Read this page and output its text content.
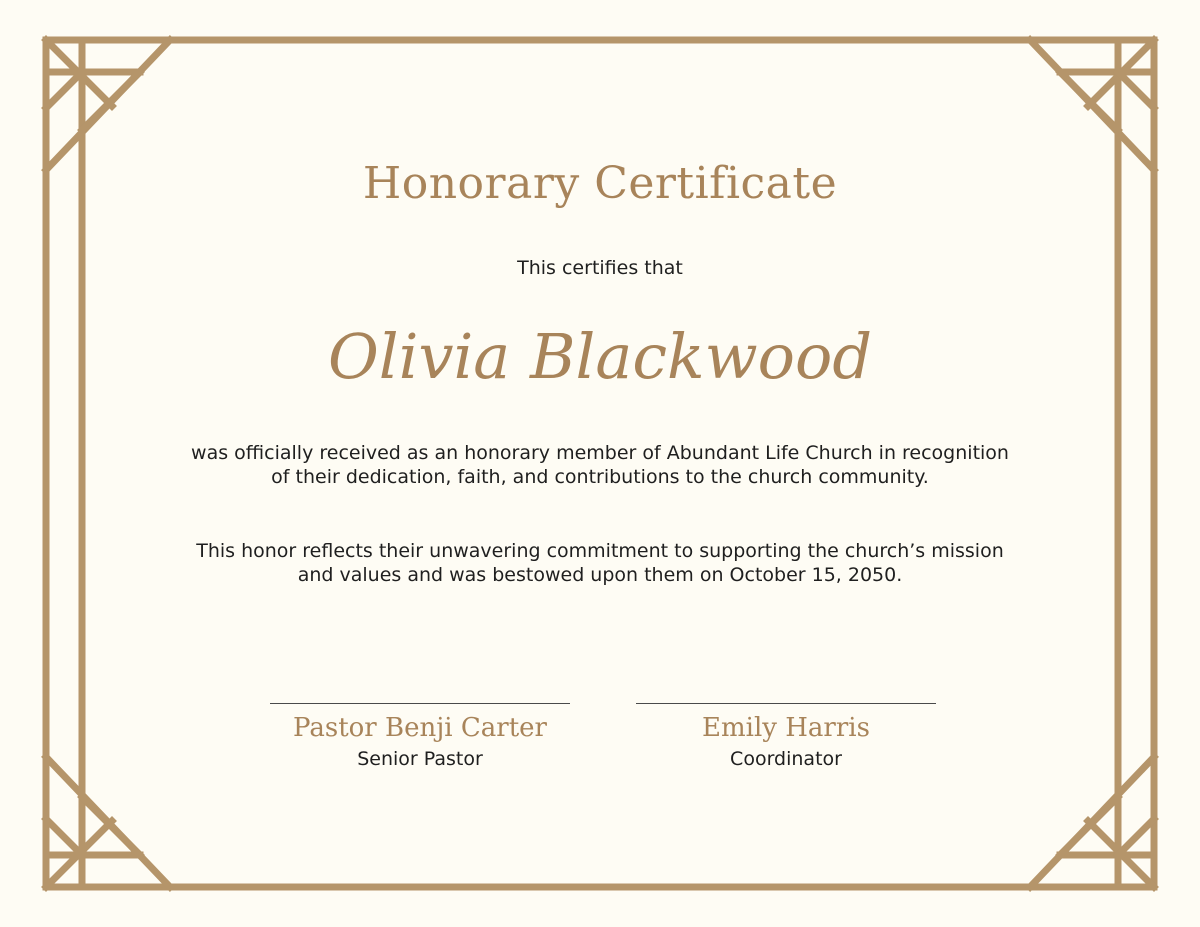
Honorary Certificate
This certifies that
Olivia Blackwood
was officially received as an honorary member of Abundant Life Church in recognition of their dedication, faith, and contributions to the church community.
This honor reflects their unwavering commitment to supporting the church’s mission and values and was bestowed upon them on October 15, 2050.
Pastor Benji Carter
Senior Pastor
Emily Harris
Coordinator
